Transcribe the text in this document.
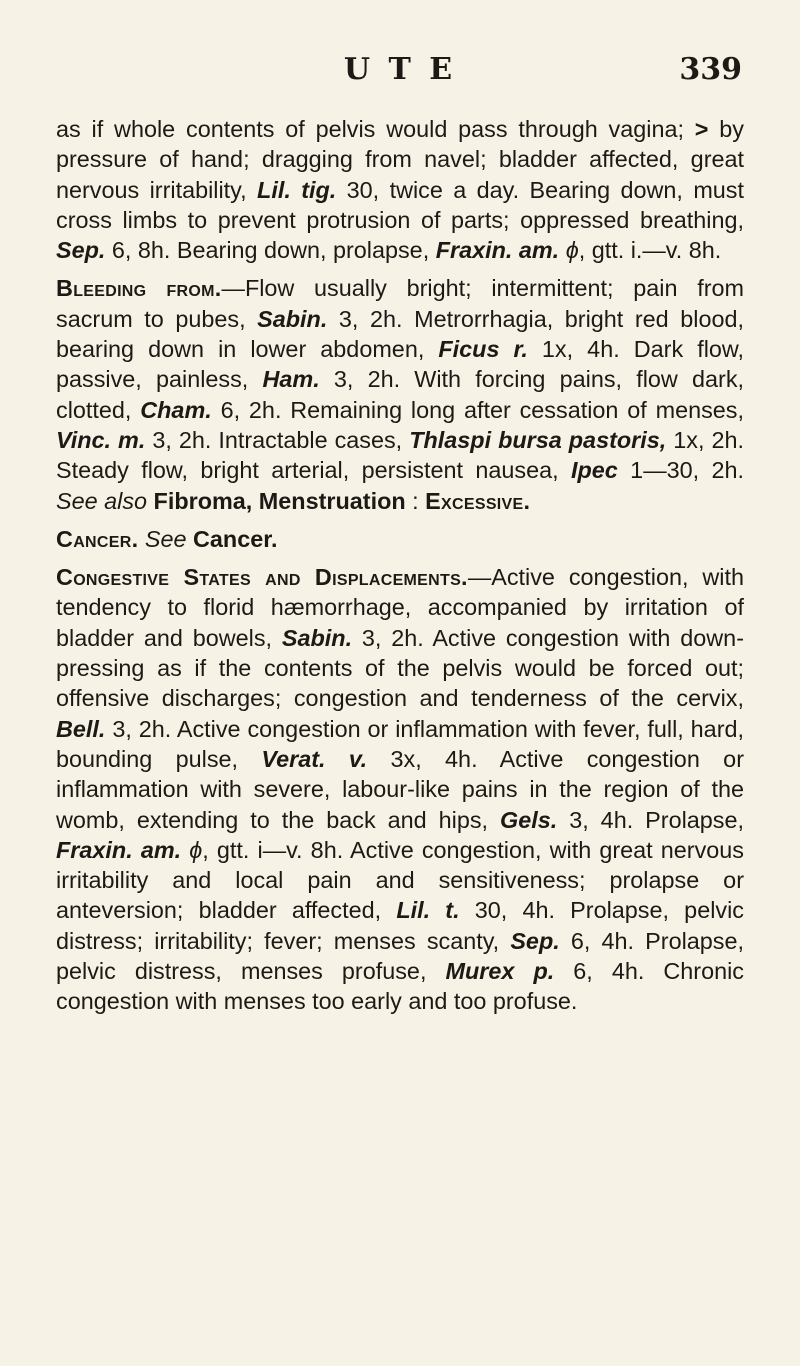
U T E	339

as if whole contents of pelvis would pass through vagina; > by pressure of hand; dragging from navel; bladder affected, great nervous irritability, Lil. tig. 30, twice a day. Bearing down, must cross limbs to prevent protrusion of parts; oppressed breathing, Sep. 6, 8h. Bearing down, prolapse, Fraxin. am. ϕ, gtt. i.—v. 8h.

Bleeding from.—Flow usually bright; intermittent; pain from sacrum to pubes, Sabin. 3, 2h. Metrorrhagia, bright red blood, bearing down in lower abdomen, Ficus r. 1x, 4h. Dark flow, passive, painless, Ham. 3, 2h. With forcing pains, flow dark, clotted, Cham. 6, 2h. Remaining long after cessation of menses, Vinc. m. 3, 2h. Intractable cases, Thlaspi bursa pastoris, 1x, 2h. Steady flow, bright arterial, persistent nausea, Ipec 1—30, 2h. See also Fibroma, Menstruation : Excessive.

Cancer. See Cancer.

Congestive States and Displacements.—Active congestion, with tendency to florid hæmorrhage, accompanied by irritation of bladder and bowels, Sabin. 3, 2h. Active congestion with down-pressing as if the contents of the pelvis would be forced out; offensive discharges; congestion and tenderness of the cervix, Bell. 3, 2h. Active congestion or inflammation with fever, full, hard, bounding pulse, Verat. v. 3x, 4h. Active congestion or inflammation with severe, labour-like pains in the region of the womb, extending to the back and hips, Gels. 3, 4h. Prolapse, Fraxin. am. ϕ, gtt. i—v. 8h. Active congestion, with great nervous irritability and local pain and sensitiveness; prolapse or anteversion; bladder affected, Lil. t. 30, 4h. Prolapse, pelvic distress; irritability; fever; menses scanty, Sep. 6, 4h. Prolapse, pelvic distress, menses profuse, Murex p. 6, 4h. Chronic congestion with menses too early and too profuse.
